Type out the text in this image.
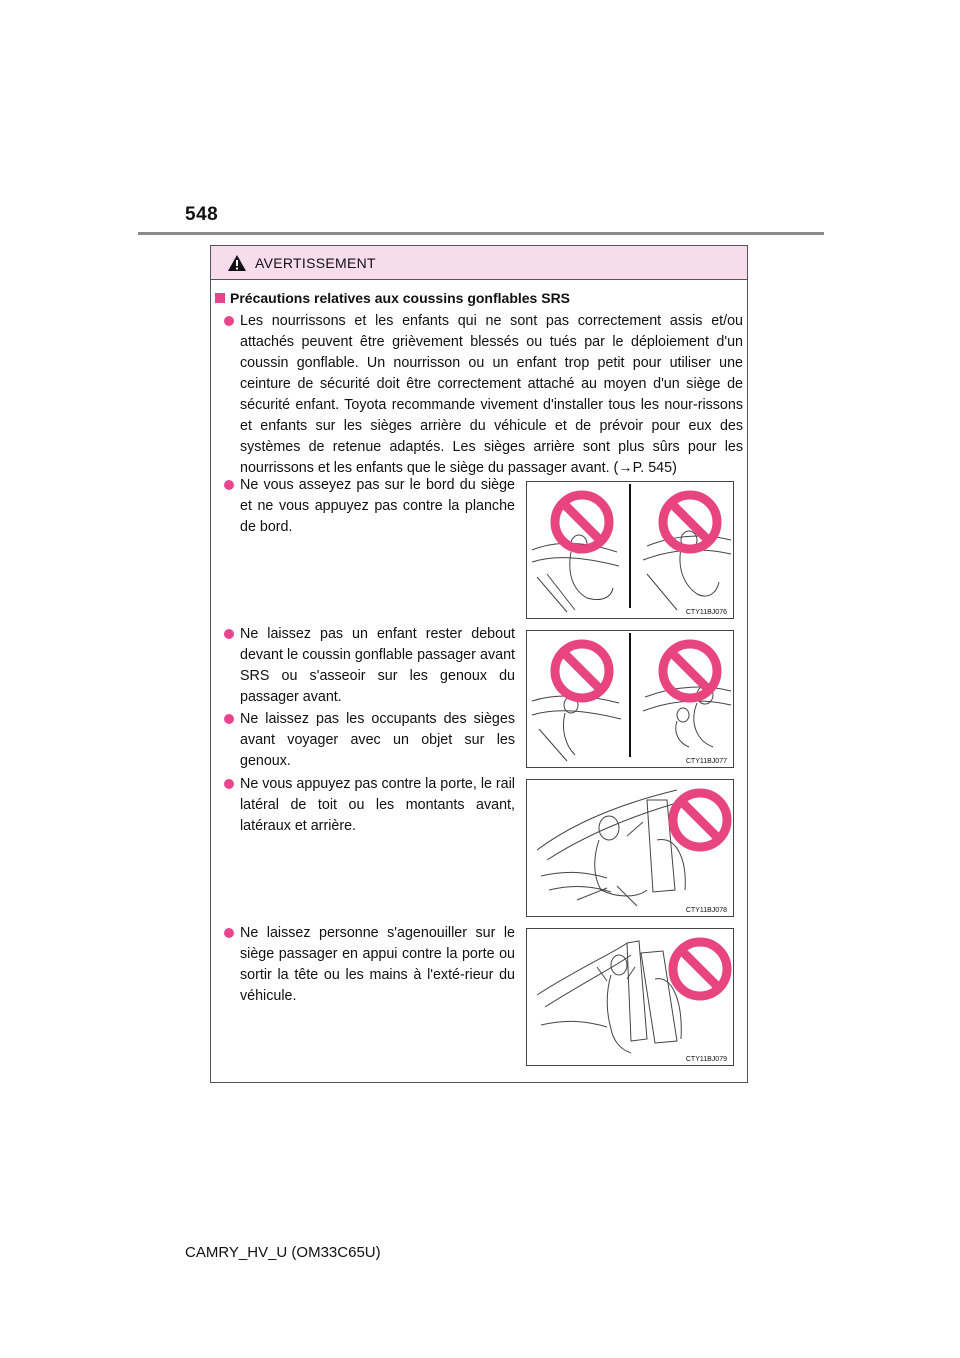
548
AVERTISSEMENT
Précautions relatives aux coussins gonflables SRS
Les nourrissons et les enfants qui ne sont pas correctement assis et/ou attachés peuvent être grièvement blessés ou tués par le déploiement d'un coussin gonflable. Un nourrisson ou un enfant trop petit pour utiliser une ceinture de sécurité doit être correctement attaché au moyen d'un siège de sécurité enfant. Toyota recommande vivement d'installer tous les nour-rissons et enfants sur les sièges arrière du véhicule et de prévoir pour eux des systèmes de retenue adaptés. Les sièges arrière sont plus sûrs pour les nourrissons et les enfants que le siège du passager avant. (→P. 545)
Ne vous asseyez pas sur le bord du siège et ne vous appuyez pas contre la planche de bord.
Ne laissez pas un enfant rester debout devant le coussin gonflable passager avant SRS ou s'asseoir sur les genoux du passager avant.
Ne laissez pas les occupants des sièges avant voyager avec un objet sur les genoux.
Ne vous appuyez pas contre la porte, le rail latéral de toit ou les montants avant, latéraux et arrière.
Ne laissez personne s'agenouiller sur le siège passager en appui contre la porte ou sortir la tête ou les mains à l'exté-rieur du véhicule.
CTY11BJ076
CTY11BJ077
CTY11BJ078
CTY11BJ079
CAMRY_HV_U (OM33C65U)
